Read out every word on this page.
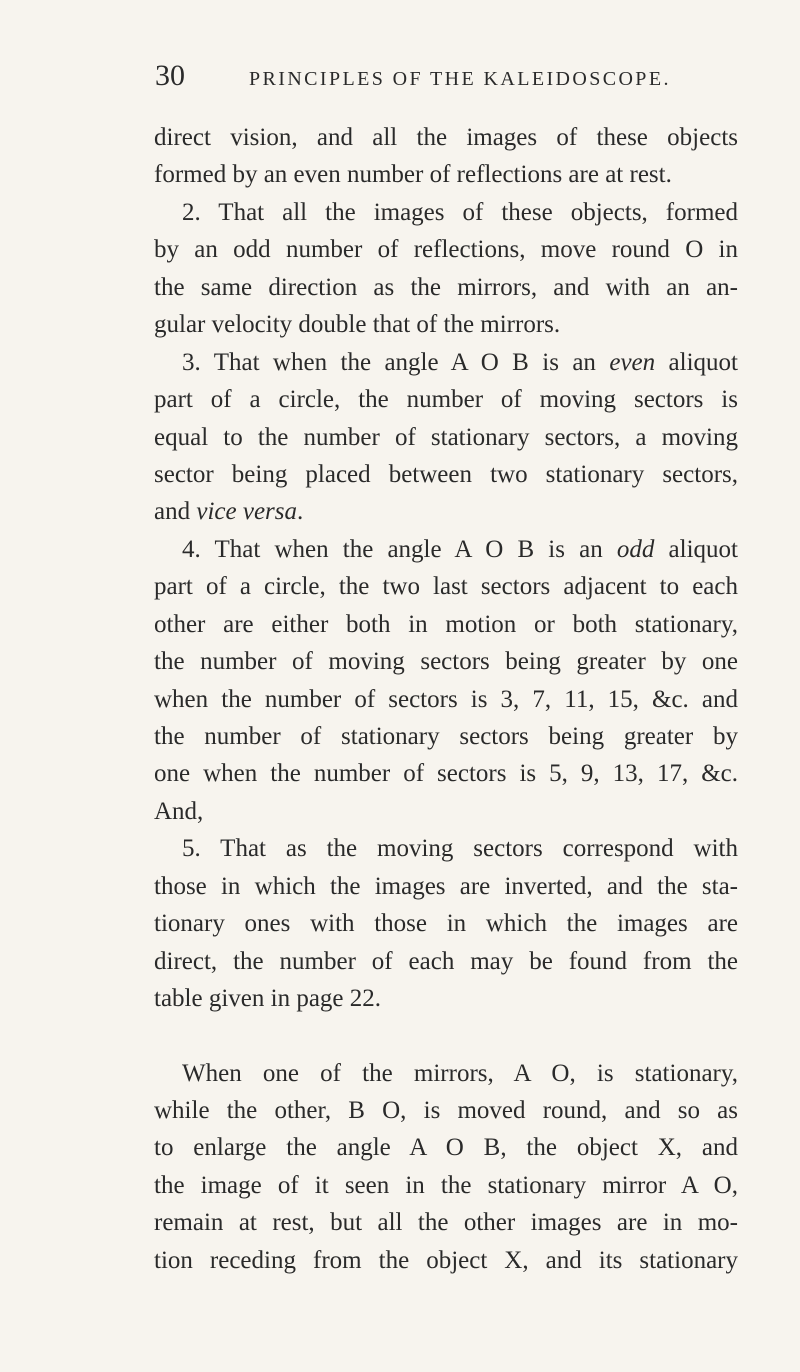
30	PRINCIPLES OF THE KALEIDOSCOPE.
direct vision, and all the images of these objects
formed by an even number of reflections are at rest.
2. That all the images of these objects, formed
by an odd number of reflections, move round O in
the same direction as the mirrors, and with an an-
gular velocity double that of the mirrors.
3. That when the angle A O B is an even aliquot
part of a circle, the number of moving sectors is
equal to the number of stationary sectors, a moving
sector being placed between two stationary sectors,
and vice versa.
4. That when the angle A O B is an odd aliquot
part of a circle, the two last sectors adjacent to each
other are either both in motion or both stationary,
the number of moving sectors being greater by one
when the number of sectors is 3, 7, 11, 15, &c. and
the number of stationary sectors being greater by
one when the number of sectors is 5, 9, 13, 17, &c.
And,
5. That as the moving sectors correspond with
those in which the images are inverted, and the sta-
tionary ones with those in which the images are
direct, the number of each may be found from the
table given in page 22.
When one of the mirrors, A O, is stationary,
while the other, B O, is moved round, and so as
to enlarge the angle A O B, the object X, and
the image of it seen in the stationary mirror A O,
remain at rest, but all the other images are in mo-
tion receding from the object X, and its stationary
